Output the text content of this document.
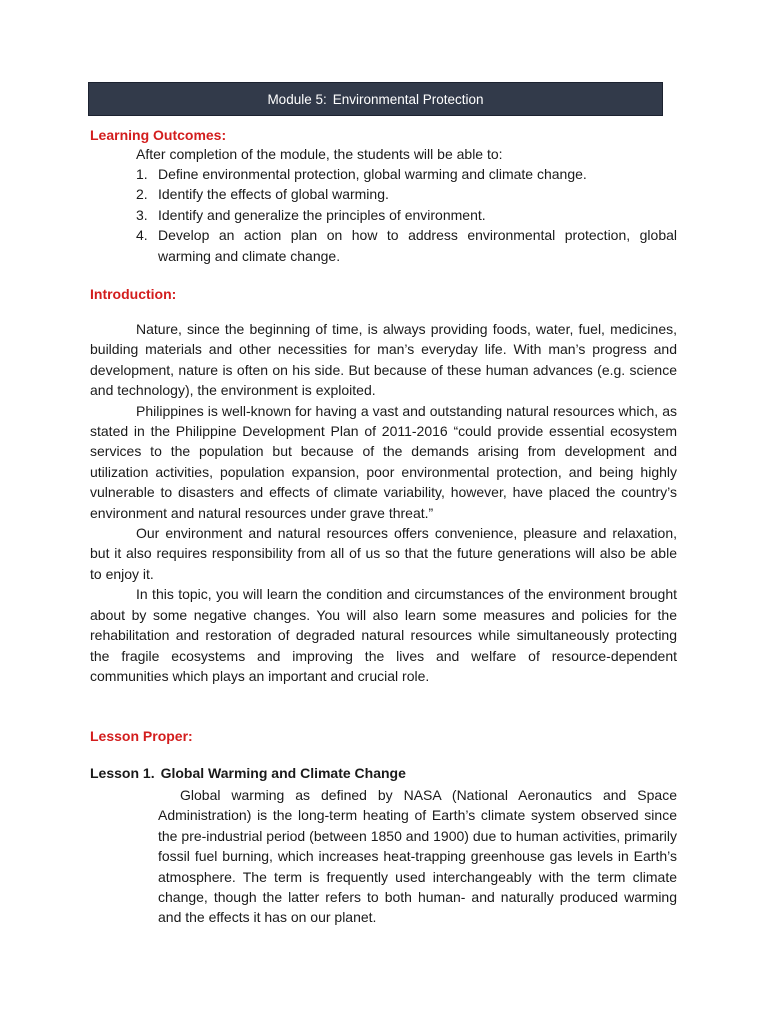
Module 5: Environmental Protection
Learning Outcomes:
After completion of the module, the students will be able to:
1. Define environmental protection, global warming and climate change.
2. Identify the effects of global warming.
3. Identify and generalize the principles of environment.
4. Develop an action plan on how to address environmental protection, global warming and climate change.
Introduction:

Nature, since the beginning of time, is always providing foods, water, fuel, medicines, building materials and other necessities for man’s everyday life. With man’s progress and development, nature is often on his side. But because of these human advances (e.g. science and technology), the environment is exploited.

Philippines is well-known for having a vast and outstanding natural resources which, as stated in the Philippine Development Plan of 2011-2016 “could provide essential ecosystem services to the population but because of the demands arising from development and utilization activities, population expansion, poor environmental protection, and being highly vulnerable to disasters and effects of climate variability, however, have placed the country’s environment and natural resources under grave threat.”

Our environment and natural resources offers convenience, pleasure and relaxation, but it also requires responsibility from all of us so that the future generations will also be able to enjoy it.

In this topic, you will learn the condition and circumstances of the environment brought about by some negative changes. You will also learn some measures and policies for the rehabilitation and restoration of degraded natural resources while simultaneously protecting the fragile ecosystems and improving the lives and welfare of resource-dependent communities which plays an important and crucial role.

Lesson Proper:
Lesson 1. Global Warming and Climate Change

Global warming as defined by NASA (National Aeronautics and Space Administration) is the long-term heating of Earth’s climate system observed since the pre-industrial period (between 1850 and 1900) due to human activities, primarily fossil fuel burning, which increases heat-trapping greenhouse gas levels in Earth’s atmosphere. The term is frequently used interchangeably with the term climate change, though the latter refers to both human- and naturally produced warming and the effects it has on our planet.
